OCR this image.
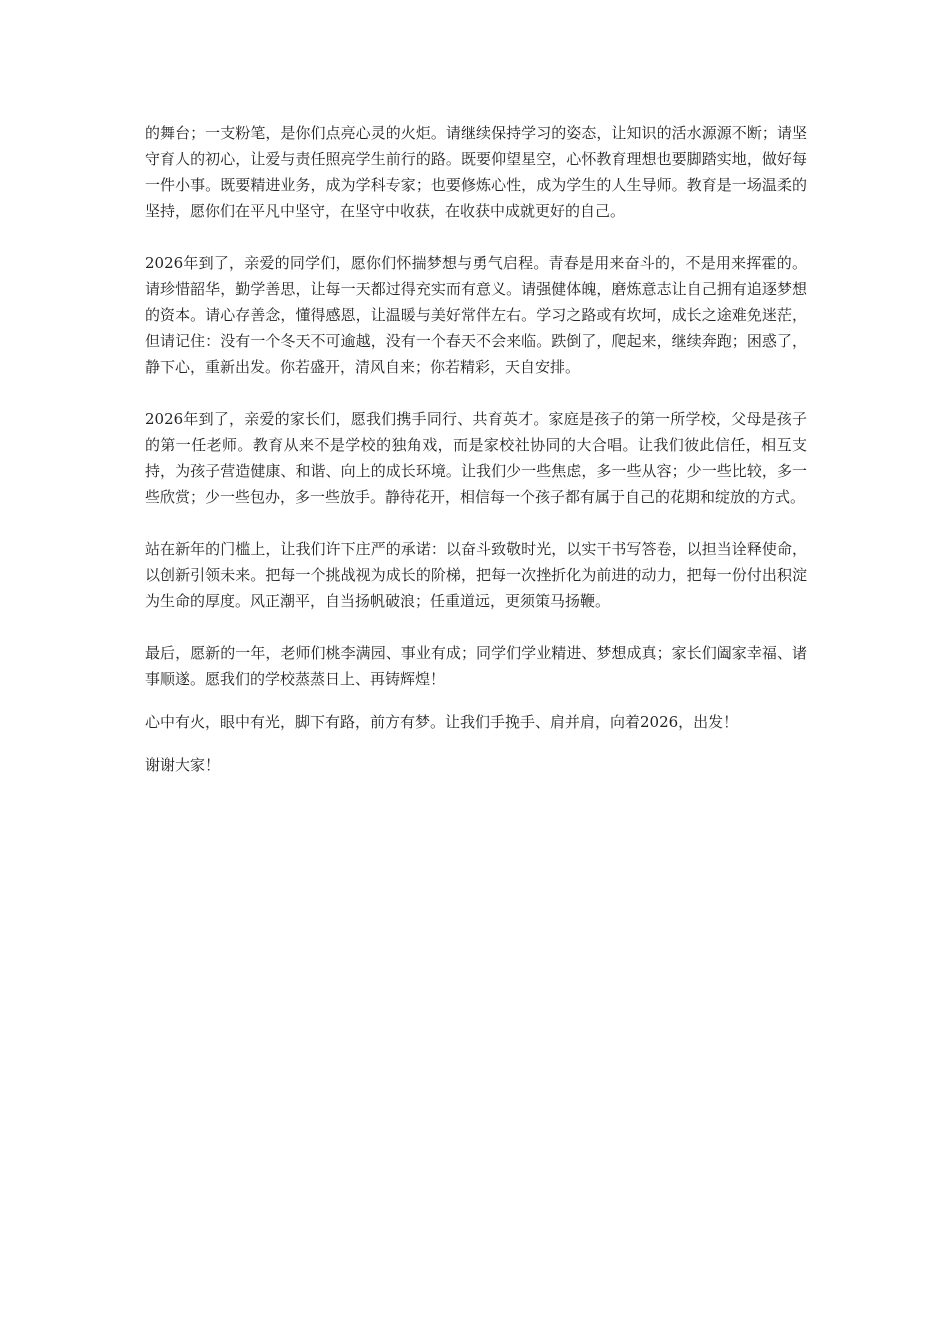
的舞台；一支粉笔，是你们点亮心灵的火炬。请继续保持学习的姿态，让知识的活水源源不断；请坚守育人的初心，让爱与责任照亮学生前行的路。既要仰望星空，心怀教育理想也要脚踏实地，做好每一件小事。既要精进业务，成为学科专家；也要修炼心性，成为学生的人生导师。教育是一场温柔的坚持，愿你们在平凡中坚守，在坚守中收获，在收获中成就更好的自己。

2026年到了，亲爱的同学们，愿你们怀揣梦想与勇气启程。青春是用来奋斗的，不是用来挥霍的。请珍惜韶华，勤学善思，让每一天都过得充实而有意义。请强健体魄，磨炼意志让自己拥有追逐梦想的资本。请心存善念，懂得感恩，让温暖与美好常伴左右。学习之路或有坎坷，成长之途难免迷茫，但请记住：没有一个冬天不可逾越，没有一个春天不会来临。跌倒了，爬起来，继续奔跑；困惑了，静下心，重新出发。你若盛开，清风自来；你若精彩，天自安排。

2026年到了，亲爱的家长们，愿我们携手同行、共育英才。家庭是孩子的第一所学校，父母是孩子的第一任老师。教育从来不是学校的独角戏，而是家校社协同的大合唱。让我们彼此信任，相互支持，为孩子营造健康、和谐、向上的成长环境。让我们少一些焦虑，多一些从容；少一些比较，多一些欣赏；少一些包办，多一些放手。静待花开，相信每一个孩子都有属于自己的花期和绽放的方式。

站在新年的门槛上，让我们许下庄严的承诺：以奋斗致敬时光，以实干书写答卷，以担当诠释使命，以创新引领未来。把每一个挑战视为成长的阶梯，把每一次挫折化为前进的动力，把每一份付出积淀为生命的厚度。风正潮平，自当扬帆破浪；任重道远，更须策马扬鞭。

最后，愿新的一年，老师们桃李满园、事业有成；同学们学业精进、梦想成真；家长们阖家幸福、诸事顺遂。愿我们的学校蒸蒸日上、再铸辉煌！

心中有火，眼中有光，脚下有路，前方有梦。让我们手挽手、肩并肩，向着2026，出发！

谢谢大家！
